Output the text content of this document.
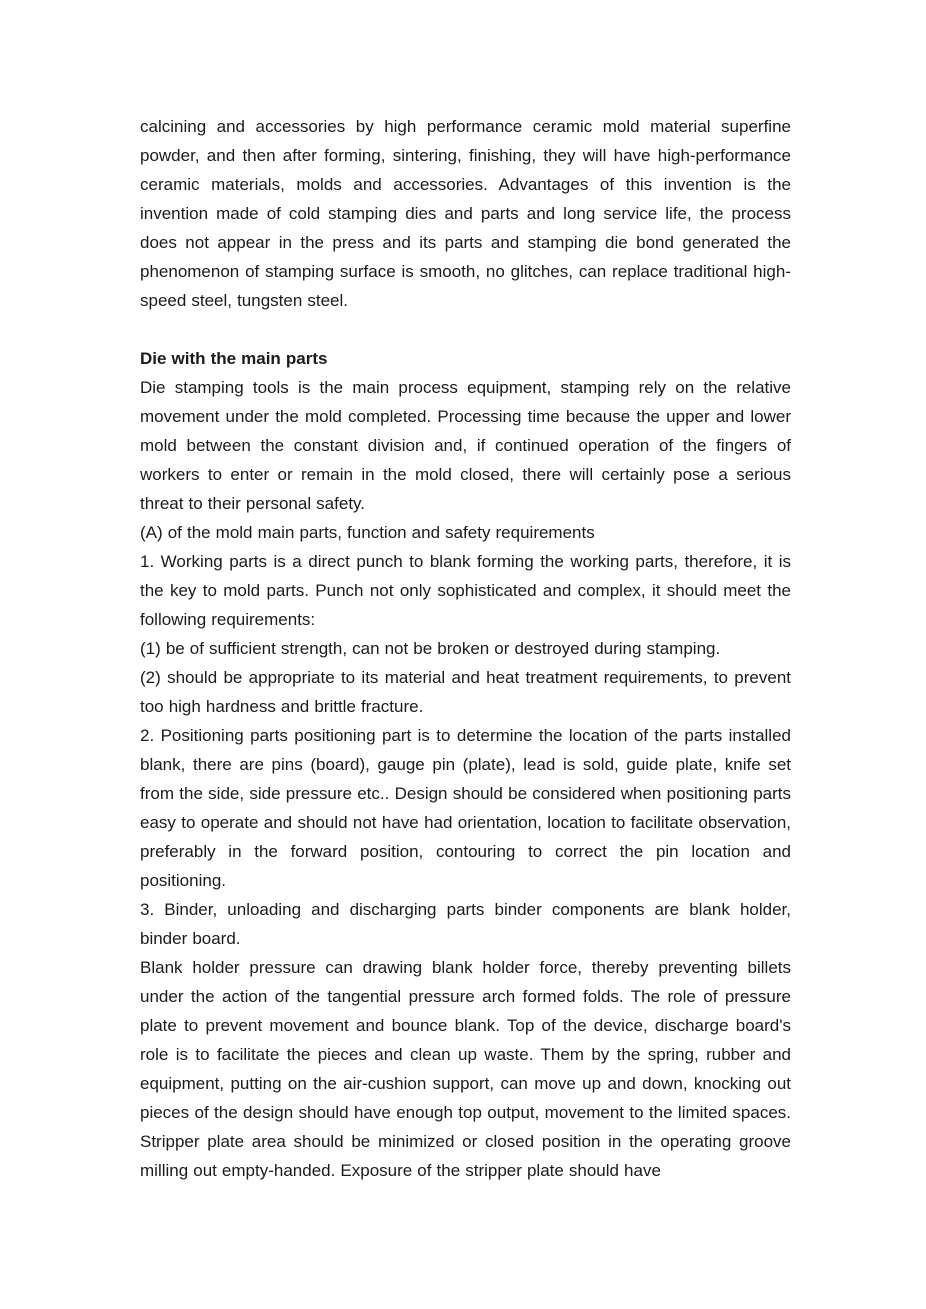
calcining and accessories by high performance ceramic mold material superfine powder, and then after forming, sintering, finishing, they will have high-performance ceramic materials, molds and accessories. Advantages of this invention is the invention made of cold stamping dies and parts and long service life, the process does not appear in the press and its parts and stamping die bond generated the phenomenon of stamping surface is smooth, no glitches, can replace traditional high-speed steel, tungsten steel.

Die with the main parts

Die stamping tools is the main process equipment, stamping rely on the relative movement under the mold completed. Processing time because the upper and lower mold between the constant division and, if continued operation of the fingers of workers to enter or remain in the mold closed, there will certainly pose a serious threat to their personal safety.

(A) of the mold main parts, function and safety requirements

1. Working parts is a direct punch to blank forming the working parts, therefore, it is the key to mold parts. Punch not only sophisticated and complex, it should meet the following requirements:

(1) be of sufficient strength, can not be broken or destroyed during stamping.

(2) should be appropriate to its material and heat treatment requirements, to prevent too high hardness and brittle fracture.

2. Positioning parts positioning part is to determine the location of the parts installed blank, there are pins (board), gauge pin (plate), lead is sold, guide plate, knife set from the side, side pressure etc.. Design should be considered when positioning parts easy to operate and should not have had orientation, location to facilitate observation, preferably in the forward position, contouring to correct the pin location and positioning.

3. Binder, unloading and discharging parts binder components are blank holder, binder board.

Blank holder pressure can drawing blank holder force, thereby preventing billets under the action of the tangential pressure arch formed folds. The role of pressure plate to prevent movement and bounce blank. Top of the device, discharge board's role is to facilitate the pieces and clean up waste. Them by the spring, rubber and equipment, putting on the air-cushion support, can move up and down, knocking out pieces of the design should have enough top output, movement to the limited spaces. Stripper plate area should be minimized or closed position in the operating groove milling out empty-handed. Exposure of the stripper plate should have
